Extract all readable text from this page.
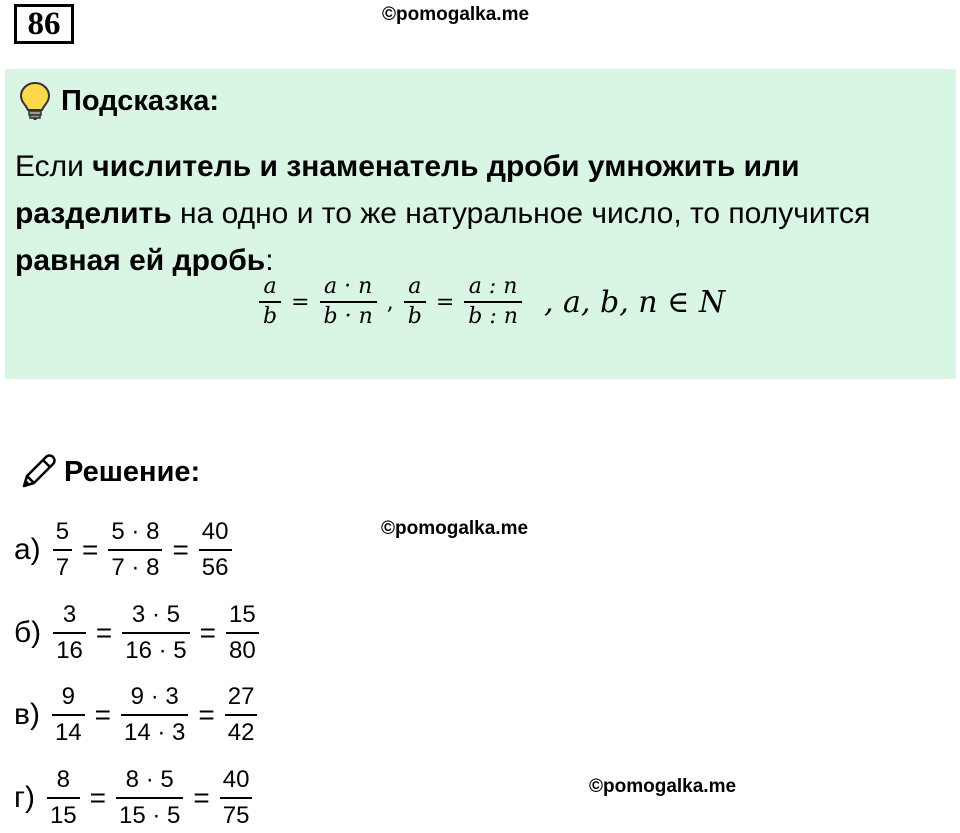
86	©pomogalka.me
Подсказка:
Если числитель и знаменатель дроби умножить или разделить на одно и то же натуральное число, то получится равная ей дробь:
$\frac{a}{b} = \frac{a \cdot n}{b \cdot n}$ , $\frac{a}{b} = \frac{a : n}{b : n}$ , a, b, n ∈ N
Решение:
©pomogalka.me
©pomogalka.me
$а) \frac{5}{7} = \frac{5 \cdot 8}{7 \cdot 8} = \frac{40}{56}$
$б) \frac{3}{16} = \frac{3 \cdot 5}{16 \cdot 5} = \frac{15}{80}$
$в) \frac{9}{14} = \frac{9 \cdot 3}{14 \cdot 3} = \frac{27}{42}$
$г) \frac{8}{15} = \frac{8 \cdot 5}{15 \cdot 5} = \frac{40}{75}$
